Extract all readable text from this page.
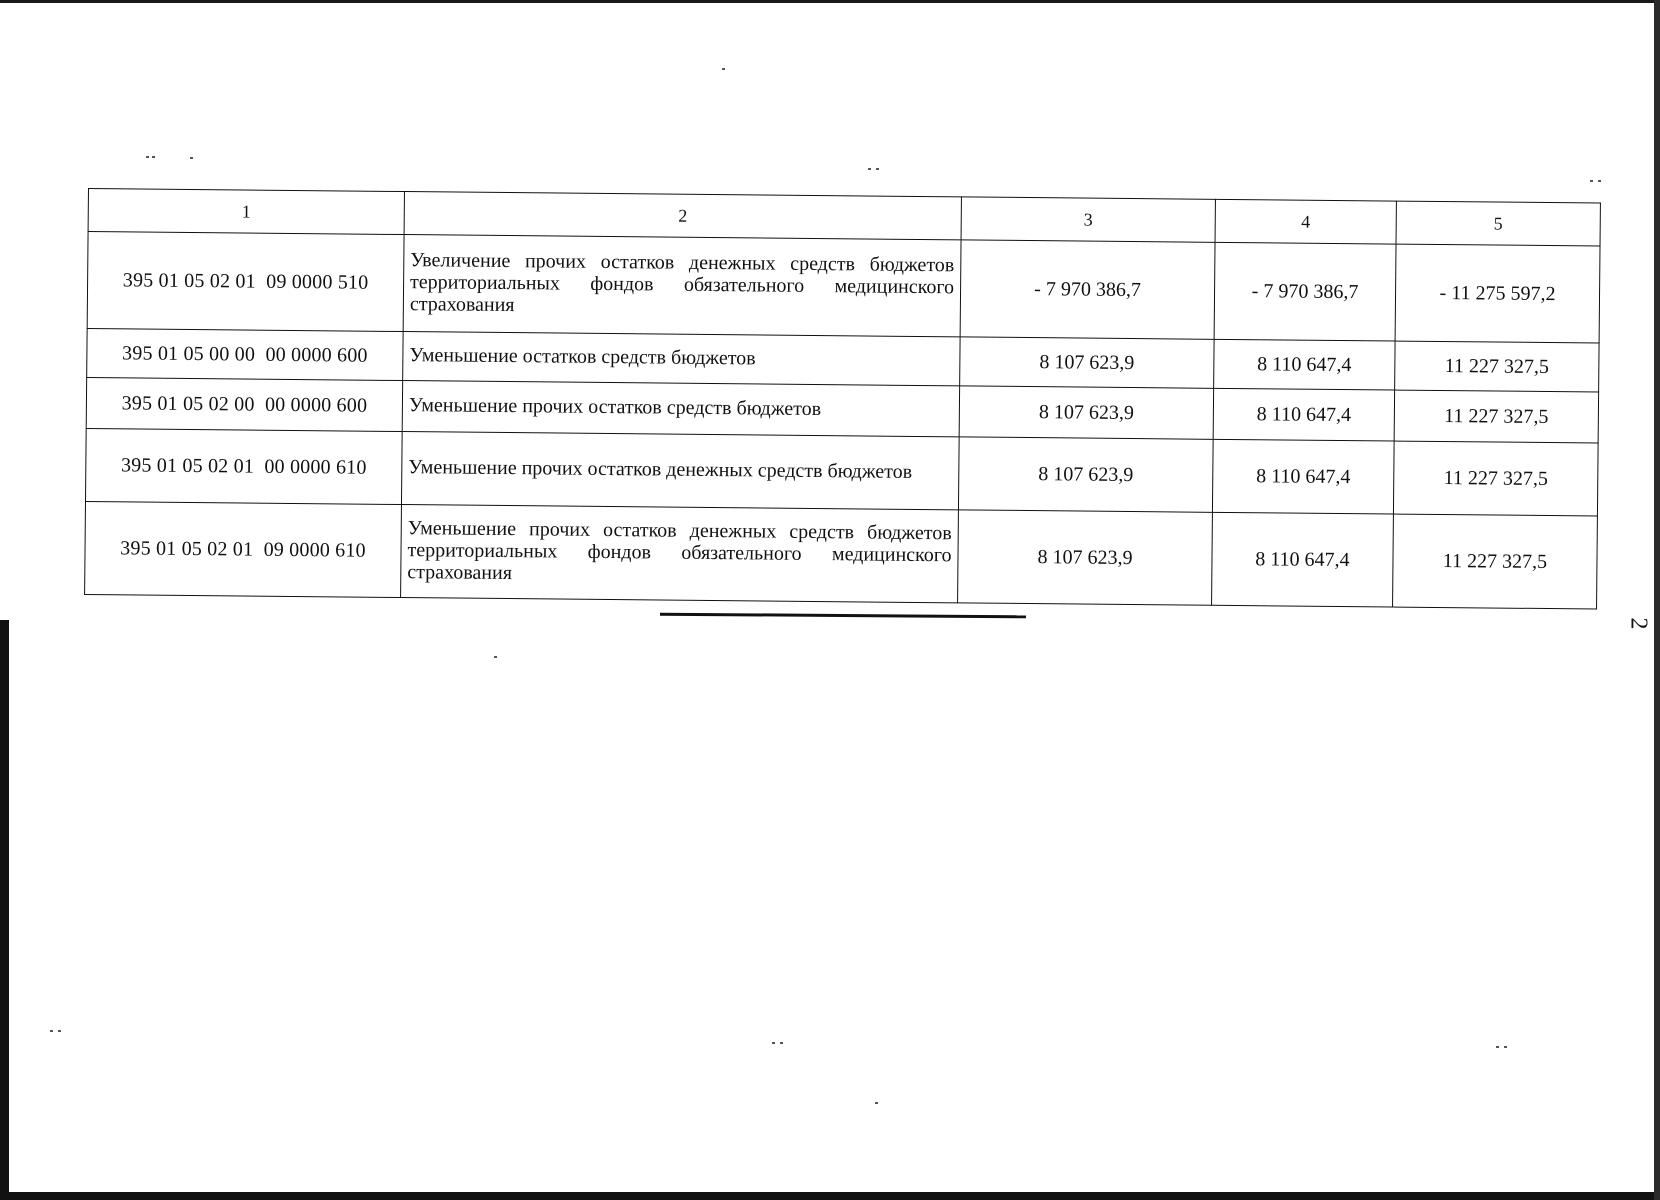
1	2	3	4	5
395 01 05 02 01  09 0000 510	Увеличение прочих остатков денежных средств бюджетов территориальных фондов обязательного медицинского страхования	- 7 970 386,7	- 7 970 386,7	- 11 275 597,2
395 01 05 00 00  00 0000 600	Уменьшение остатков средств бюджетов	8 107 623,9	8 110 647,4	11 227 327,5
395 01 05 02 00  00 0000 600	Уменьшение прочих остатков средств бюджетов	8 107 623,9	8 110 647,4	11 227 327,5
395 01 05 02 01  00 0000 610	Уменьшение прочих остатков денежных средств бюджетов	8 107 623,9	8 110 647,4	11 227 327,5
395 01 05 02 01  09 0000 610	Уменьшение прочих остатков денежных средств бюджетов территориальных фондов обязательного медицинского страхования	8 107 623,9	8 110 647,4	11 227 327,5
2
